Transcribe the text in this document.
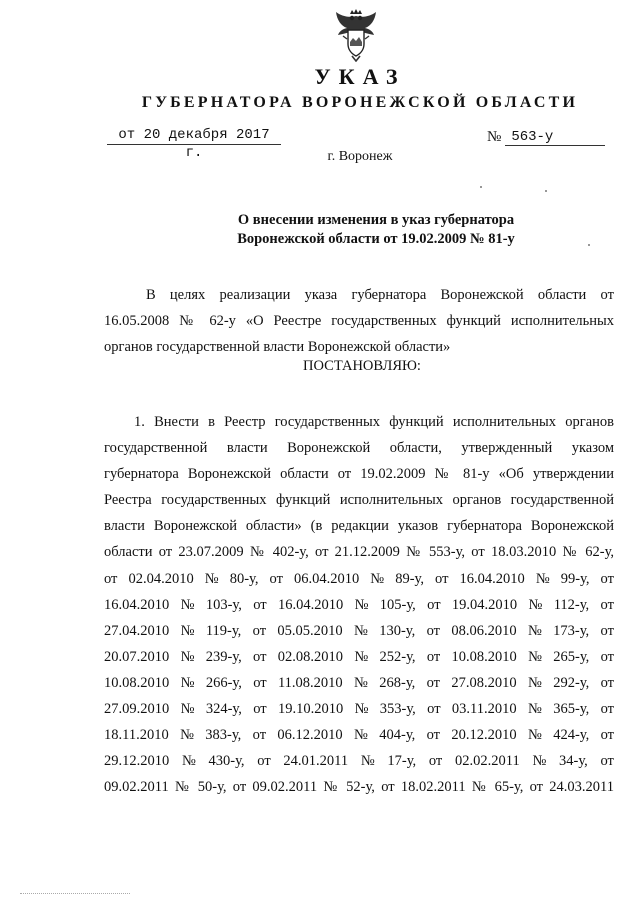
УКАЗ
ГУБЕРНАТОРА ВОРОНЕЖСКОЙ ОБЛАСТИ
от 20 декабря 2017 г.
№ 563-у
г. Воронеж
О внесении изменения в указ губернатора
Воронежской области от 19.02.2009 № 81-у
В целях реализации указа губернатора Воронежской области от
16.05.2008 № 62-у «О Реестре государственных функций исполнительных
органов государственной власти Воронежской области»
ПОСТАНОВЛЯЮ:
1. Внести в Реестр государственных функций исполнительных органов
государственной власти Воронежской области, утвержденный указом
губернатора Воронежской области от 19.02.2009 № 81-у «Об утверждении
Реестра государственных функций исполнительных органов государственной
власти Воронежской области» (в редакции указов губернатора Воронежской
области от 23.07.2009 № 402-у, от 21.12.2009 № 553-у, от 18.03.2010 № 62-у,
от 02.04.2010 № 80-у, от 06.04.2010 № 89-у, от 16.04.2010 № 99-у, от
16.04.2010 № 103-у, от 16.04.2010 № 105-у, от 19.04.2010 № 112-у, от
27.04.2010 № 119-у, от 05.05.2010 № 130-у, от 08.06.2010 № 173-у, от
20.07.2010 № 239-у, от 02.08.2010 № 252-у, от 10.08.2010 № 265-у, от
10.08.2010 № 266-у, от 11.08.2010 № 268-у, от 27.08.2010 № 292-у, от
27.09.2010 № 324-у, от 19.10.2010 № 353-у, от 03.11.2010 № 365-у, от
18.11.2010 № 383-у, от 06.12.2010 № 404-у, от 20.12.2010 № 424-у, от
29.12.2010 № 430-у, от 24.01.2011 № 17-у, от 02.02.2011 № 34-у, от
09.02.2011 № 50-у, от 09.02.2011 № 52-у, от 18.02.2011 № 65-у, от 24.03.2011
